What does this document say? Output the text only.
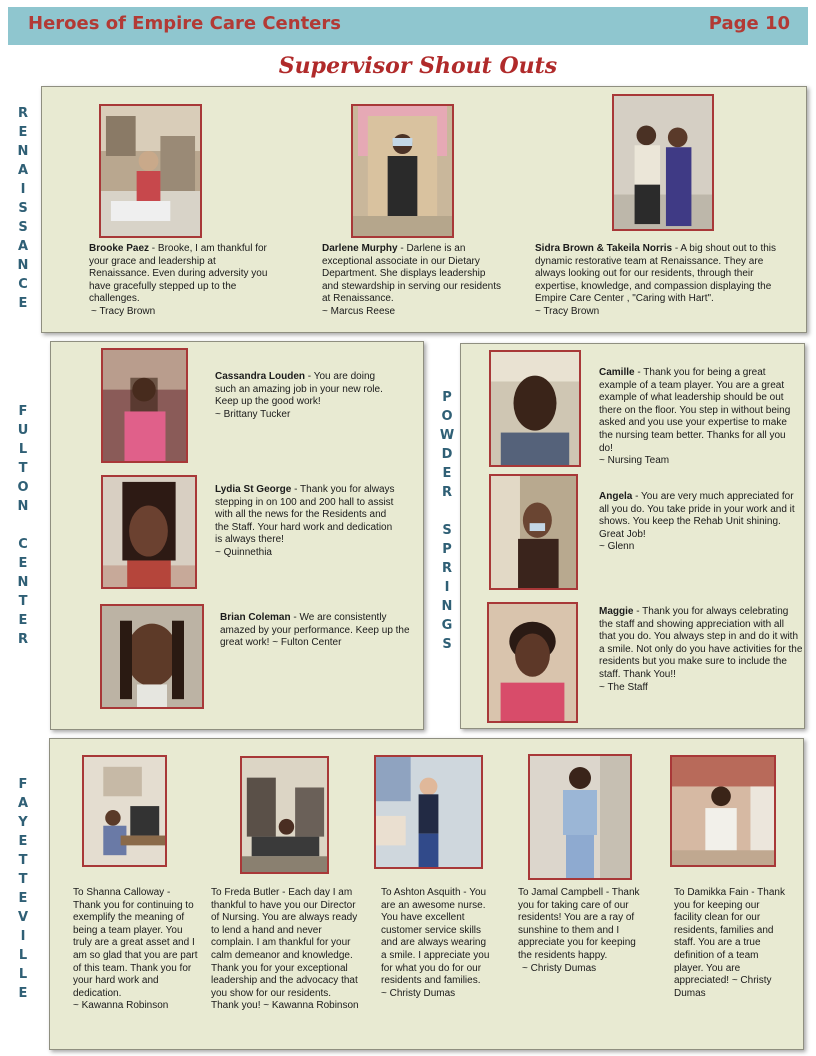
Heroes of Empire Care Centers	Page 10
Supervisor Shout Outs
R
E
N
A
I
S
S
A
N
C
E
Brooke Paez - Brooke, I am thankful for your grace and leadership at Renaissance. Even during adversity you have gracefully stepped up to the challenges.
~ Tracy Brown
Darlene Murphy - Darlene is an exceptional associate in our Dietary Department. She displays leadership and stewardship in serving our residents at Renaissance.
~ Marcus Reese
Sidra Brown & Takeila Norris - A big shout out to this dynamic restorative team at Renaissance. They are always looking out for our residents, through their expertise, knowledge, and compassion displaying the Empire Care Center , "Caring with Hart".
~ Tracy Brown
F
U
L
T
O
N
C
E
N
T
E
R
Cassandra Louden - You are doing such an amazing job in your new role. Keep up the good work!
~ Brittany Tucker
Lydia St George - Thank you for always stepping in on 100 and 200 hall to assist with all the news for the Residents and the Staff. Your hard work and dedication is always there!
~ Quinnethia
Brian Coleman - We are consistently amazed by your performance. Keep up the great work! ~ Fulton Center
P
O
W
D
E
R
S
P
R
I
N
G
S
Camille - Thank you for being a great example of a team player. You are a great example of what leadership should be out there on the floor. You step in without being asked and you use your expertise to make the nursing team better. Thanks for all you do!
~ Nursing Team
Angela - You are very much appreciated for all you do. You take pride in your work and it shows. You keep the Rehab Unit shining. Great Job!
~ Glenn
Maggie - Thank you for always celebrating the staff and showing appreciation with all that you do. You always step in and do it with a smile. Not only do you have activities for the residents but you make sure to include the staff. Thank You!!
~ The Staff
F
A
Y
E
T
T
E
V
I
L
L
E
To Shanna Calloway - Thank you for continuing to exemplify the meaning of being a team player. You truly are a great asset and I am so glad that you are part of this team. Thank you for your hard work and dedication.
~ Kawanna Robinson
To Freda Butler - Each day I am thankful to have you our Director of Nursing. You are always ready to lend a hand and never complain. I am thankful for your calm demeanor and knowledge. Thank you for your exceptional leadership and the advocacy that you show for our residents. Thank you! ~ Kawanna Robinson
To Ashton Asquith - You are an awesome nurse. You have excellent customer service skills and are always wearing a smile. I appreciate you for what you do for our residents and families.
~ Christy Dumas
To Jamal Campbell - Thank you for taking care of our residents! You are a ray of sunshine to them and I appreciate you for keeping the residents happy.
~ Christy Dumas
To Damikka Fain - Thank you for keeping our facility clean for our residents, families and staff. You are a true definition of a team player. You are appreciated! ~ Christy Dumas
